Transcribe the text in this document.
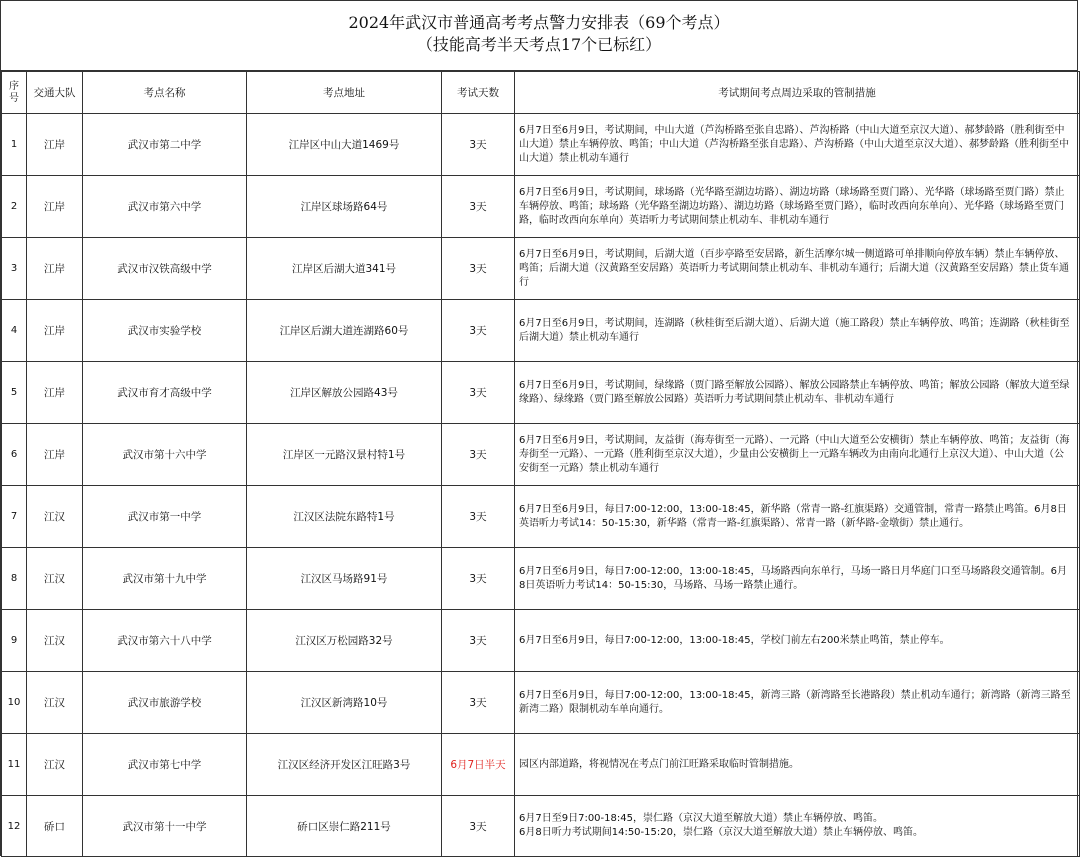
2024年武汉市普通高考考点警力安排表（69个考点）
（技能高考半天考点17个已标红）
序
号	交通大队	考点名称	考点地址	考试天数	考试期间考点周边采取的管制措施
1	江岸	武汉市第二中学	江岸区中山大道1469号	3天	6月7日至6月9日，考试期间，中山大道（芦沟桥路至张自忠路）、芦沟桥路（中山大道至京汉大道）、郝梦龄路（胜利街至中山大道）禁止车辆停放、鸣笛；中山大道（芦沟桥路至张自忠路）、芦沟桥路（中山大道至京汉大道）、郝梦龄路（胜利街至中山大道）禁止机动车通行
2	江岸	武汉市第六中学	江岸区球场路64号	3天	6月7日至6月9日，考试期间，球场路（光华路至湖边坊路）、湖边坊路（球场路至贾门路）、光华路（球场路至贾门路）禁止车辆停放、鸣笛；球场路（光华路至湖边坊路）、湖边坊路（球场路至贾门路），临时改西向东单向）、光华路（球场路至贾门路，临时改西向东单向）英语听力考试期间禁止机动车、非机动车通行
3	江岸	武汉市汉铁高级中学	江岸区后湖大道341号	3天	6月7日至6月9日，考试期间，后湖大道（百步亭路至安居路，新生活摩尔城一侧道路可单排顺向停放车辆）禁止车辆停放、鸣笛；后湖大道（汉黄路至安居路）英语听力考试期间禁止机动车、非机动车通行；后湖大道（汉黄路至安居路）禁止货车通行
4	江岸	武汉市实验学校	江岸区后湖大道连湖路60号	3天	6月7日至6月9日，考试期间，连湖路（秋桂街至后湖大道）、后湖大道（施工路段）禁止车辆停放、鸣笛；连湖路（秋桂街至后湖大道）禁止机动车通行
5	江岸	武汉市育才高级中学	江岸区解放公园路43号	3天	6月7日至6月9日，考试期间，绿缘路（贾门路至解放公园路）、解放公园路禁止车辆停放、鸣笛；解放公园路（解放大道至绿缘路）、绿缘路（贾门路至解放公园路）英语听力考试期间禁止机动车、非机动车通行
6	江岸	武汉市第十六中学	江岸区一元路汉景村特1号	3天	6月7日至6月9日，考试期间，友益街（海寿街至一元路）、一元路（中山大道至公安横街）禁止车辆停放、鸣笛；友益街（海寿街至一元路）、一元路（胜利街至京汉大道），少量由公安横街上一元路车辆改为由南向北通行上京汉大道）、中山大道（公安街至一元路）禁止机动车通行
7	江汉	武汉市第一中学	江汉区法院东路特1号	3天	6月7日至6月9日，每日7:00-12:00，13:00-18:45，新华路（常青一路-红旗渠路）交通管制，常青一路禁止鸣笛。6月8日英语听力考试14：50-15:30，新华路（常青一路-红旗渠路）、常青一路（新华路-金墩街）禁止通行。
8	江汉	武汉市第十九中学	江汉区马场路91号	3天	6月7日至6月9日，每日7:00-12:00，13:00-18:45，马场路西向东单行，马场一路日月华庭门口至马场路段交通管制。6月8日英语听力考试14：50-15:30，马场路、马场一路禁止通行。
9	江汉	武汉市第六十八中学	江汉区万松园路32号	3天	6月7日至6月9日，每日7:00-12:00，13:00-18:45，学校门前左右200米禁止鸣笛，禁止停车。
10	江汉	武汉市旅游学校	江汉区新湾路10号	3天	6月7日至6月9日，每日7:00-12:00，13:00-18:45，新湾三路（新湾路至长港路段）禁止机动车通行；新湾路（新湾三路至新湾二路）限制机动车单向通行。
11	江汉	武汉市第七中学	江汉区经济开发区江旺路3号	6月7日半天	园区内部道路，将视情况在考点门前江旺路采取临时管制措施。
12	硚口	武汉市第十一中学	硚口区崇仁路211号	3天	6月7日至9日7:00-18:45，崇仁路（京汉大道至解放大道）禁止车辆停放、鸣笛。
6月8日听力考试期间14:50-15:20，崇仁路（京汉大道至解放大道）禁止车辆停放、鸣笛。
